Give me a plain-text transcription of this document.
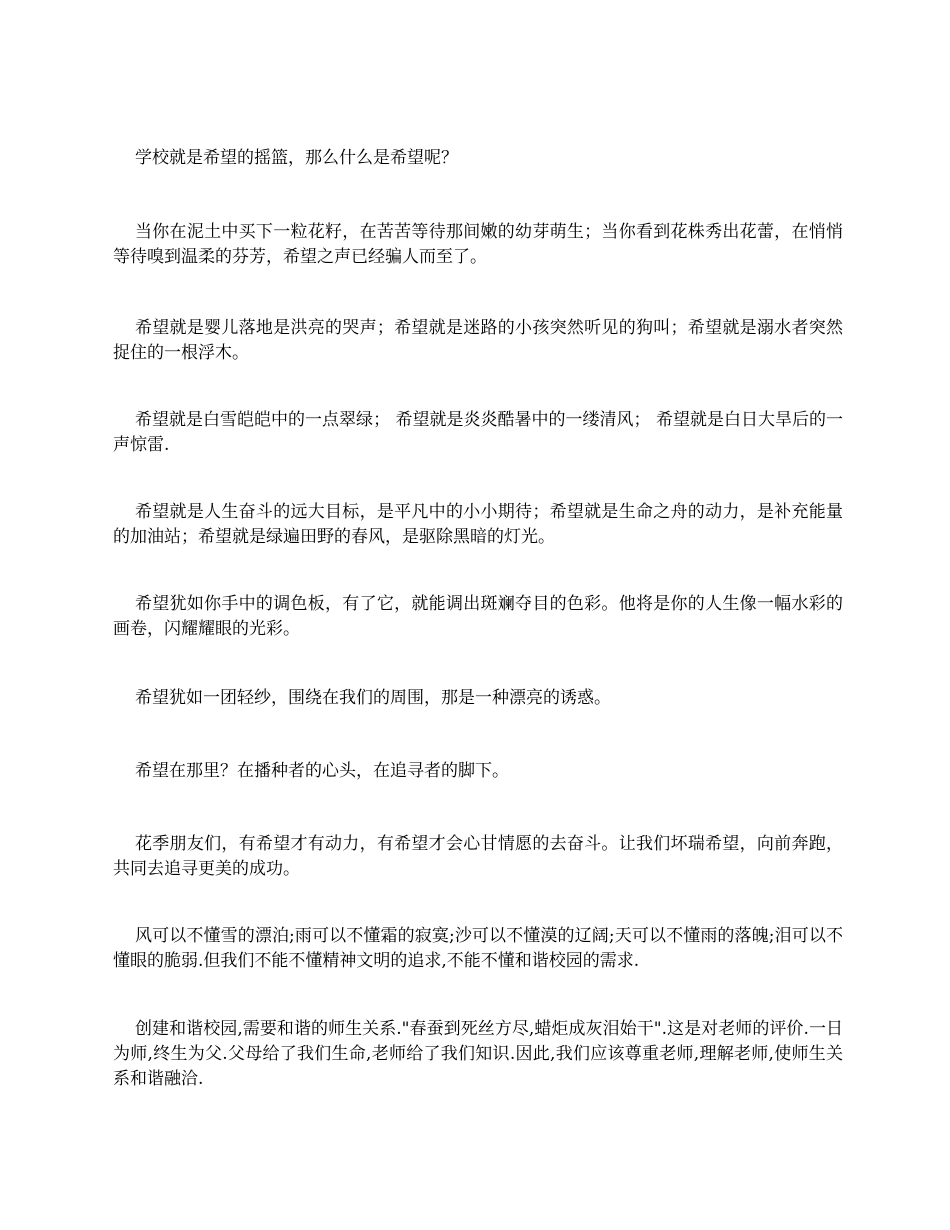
学校就是希望的摇篮，那么什么是希望呢？

当你在泥土中买下一粒花籽，在苦苦等待那间嫩的幼芽萌生；当你看到花株秀出花蕾，在悄悄等待嗅到温柔的芬芳，希望之声已经骗人而至了。

希望就是婴儿落地是洪亮的哭声；希望就是迷路的小孩突然听见的狗叫；希望就是溺水者突然捉住的一根浮木。

希望就是白雪皑皑中的一点翠绿； 希望就是炎炎酷暑中的一缕清风； 希望就是白日大旱后的一声惊雷.

希望就是人生奋斗的远大目标，是平凡中的小小期待；希望就是生命之舟的动力，是补充能量的加油站；希望就是绿遍田野的春风，是驱除黑暗的灯光。

希望犹如你手中的调色板，有了它，就能调出斑斓夺目的色彩。他将是你的人生像一幅水彩的画卷，闪耀耀眼的光彩。

希望犹如一团轻纱，围绕在我们的周围，那是一种漂亮的诱惑。

希望在那里？在播种者的心头，在追寻者的脚下。

花季朋友们，有希望才有动力，有希望才会心甘情愿的去奋斗。让我们坏瑞希望，向前奔跑，共同去追寻更美的成功。

风可以不懂雪的漂泊;雨可以不懂霜的寂寞;沙可以不懂漠的辽阔;天可以不懂雨的落魄;泪可以不懂眼的脆弱.但我们不能不懂精神文明的追求,不能不懂和谐校园的需求.

创建和谐校园,需要和谐的师生关系."春蚕到死丝方尽,蜡炬成灰泪始干".这是对老师的评价.一日为师,终生为父.父母给了我们生命,老师给了我们知识.因此,我们应该尊重老师,理解老师,使师生关系和谐融洽.
